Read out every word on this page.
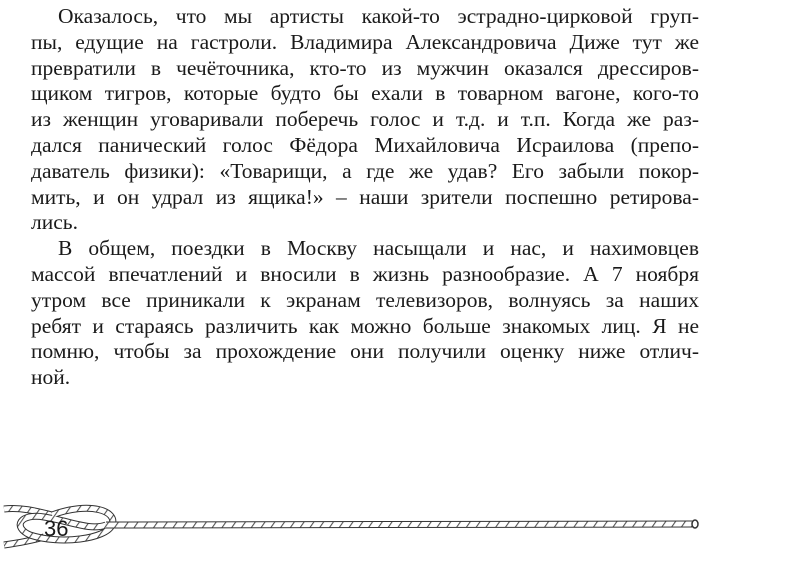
Оказалось, что мы артисты какой-то эстрадно-цирковой груп-
пы, едущие на гастроли. Владимира Александровича Диже тут же
превратили в чечёточника, кто-то из мужчин оказался дрессиров-
щиком тигров, которые будто бы ехали в товарном вагоне, кого-то
из женщин уговаривали поберечь голос и т.д. и т.п. Когда же раз-
дался панический голос Фёдора Михайловича Исраилова (препо-
даватель физики): «Товарищи, а где же удав? Его забыли покор-
мить, и он удрал из ящика!» – наши зрители поспешно ретирова-
лись.

В общем, поездки в Москву насыщали и нас, и нахимовцев
массой впечатлений и вносили в жизнь разнообразие. А 7 ноября
утром все приникали к экранам телевизоров, волнуясь за наших
ребят и стараясь различить как можно больше знакомых лиц. Я не
помню, чтобы за прохождение они получили оценку ниже отлич-
ной.

36
